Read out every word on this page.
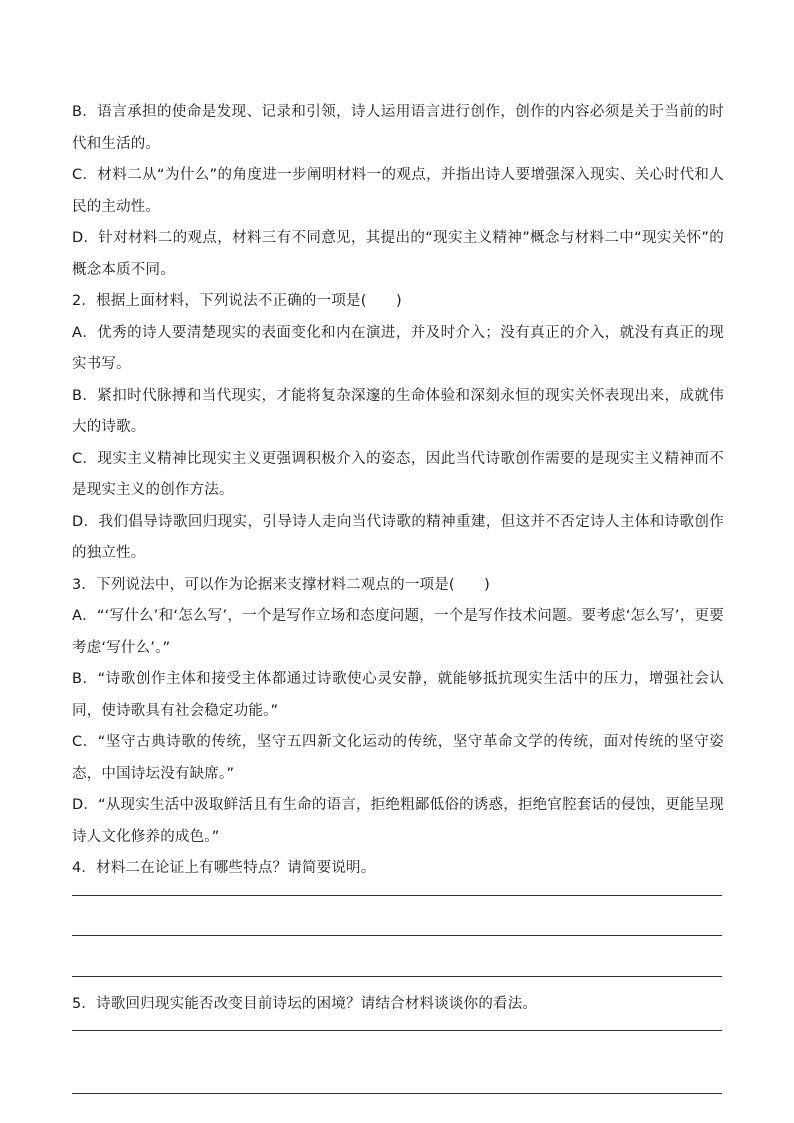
B．语言承担的使命是发现、记录和引领，诗人运用语言进行创作，创作的内容必须是关于当前的时代和生活的。

C．材料二从“为什么”的角度进一步阐明材料一的观点，并指出诗人要增强深入现实、关心时代和人民的主动性。

D．针对材料二的观点，材料三有不同意见，其提出的“现实主义精神”概念与材料二中“现实关怀”的概念本质不同。

2．根据上面材料，下列说法不正确的一项是(　　)

A．优秀的诗人要清楚现实的表面变化和内在演进，并及时介入；没有真正的介入，就没有真正的现实书写。

B．紧扣时代脉搏和当代现实，才能将复杂深邃的生命体验和深刻永恒的现实关怀表现出来，成就伟大的诗歌。

C．现实主义精神比现实主义更强调积极介入的姿态，因此当代诗歌创作需要的是现实主义精神而不是现实主义的创作方法。

D．我们倡导诗歌回归现实，引导诗人走向当代诗歌的精神重建，但这并不否定诗人主体和诗歌创作的独立性。

3．下列说法中，可以作为论据来支撑材料二观点的一项是(　　)

A．“‘写什么’和‘怎么写’，一个是写作立场和态度问题，一个是写作技术问题。要考虑‘怎么写’，更要考虑‘写什么’。”

B．“诗歌创作主体和接受主体都通过诗歌使心灵安静，就能够抵抗现实生活中的压力，增强社会认同，使诗歌具有社会稳定功能。”

C．“坚守古典诗歌的传统，坚守五四新文化运动的传统，坚守革命文学的传统，面对传统的坚守姿态，中国诗坛没有缺席。”

D．“从现实生活中汲取鲜活且有生命的语言，拒绝粗鄙低俗的诱惑，拒绝官腔套话的侵蚀，更能呈现诗人文化修养的成色。”

4．材料二在论证上有哪些特点？请简要说明。

5．诗歌回归现实能否改变目前诗坛的困境？请结合材料谈谈你的看法。
